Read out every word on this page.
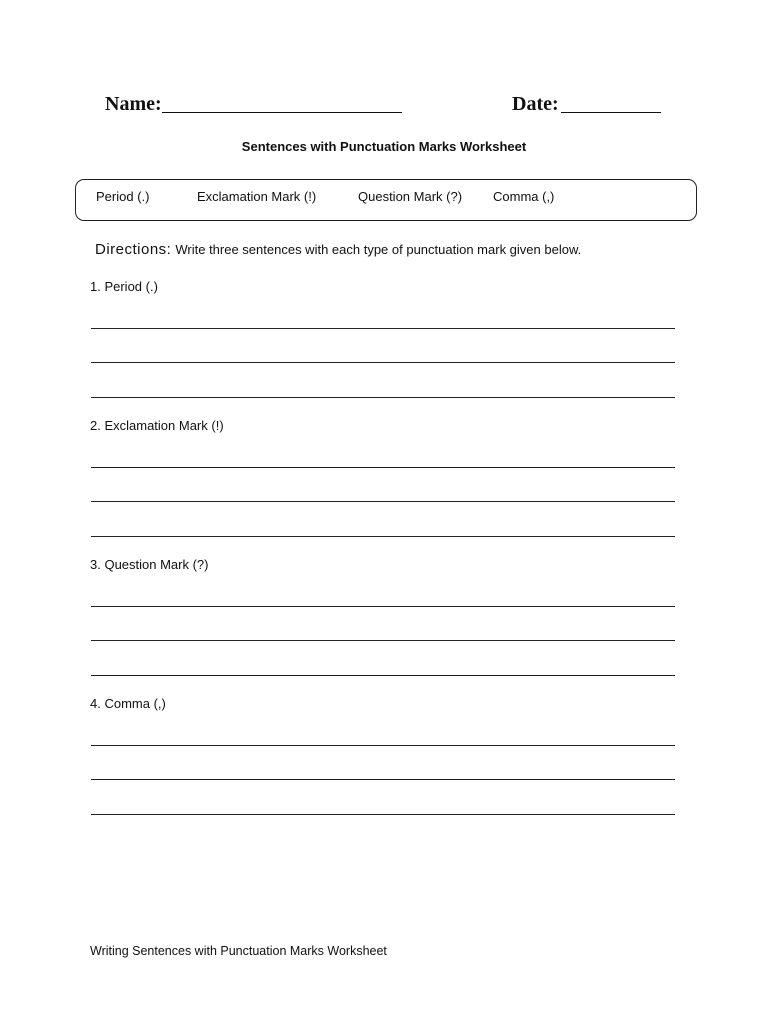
Name:	Date:
Sentences with Punctuation Marks Worksheet
Period (.)	Exclamation Mark (!)	Question Mark (?) Comma (,)
Directions: Write three sentences with each type of punctuation mark given below.
1. Period (.)
2. Exclamation Mark (!)
3. Question Mark (?)
4. Comma (,)
Writing Sentences with Punctuation Marks Worksheet
